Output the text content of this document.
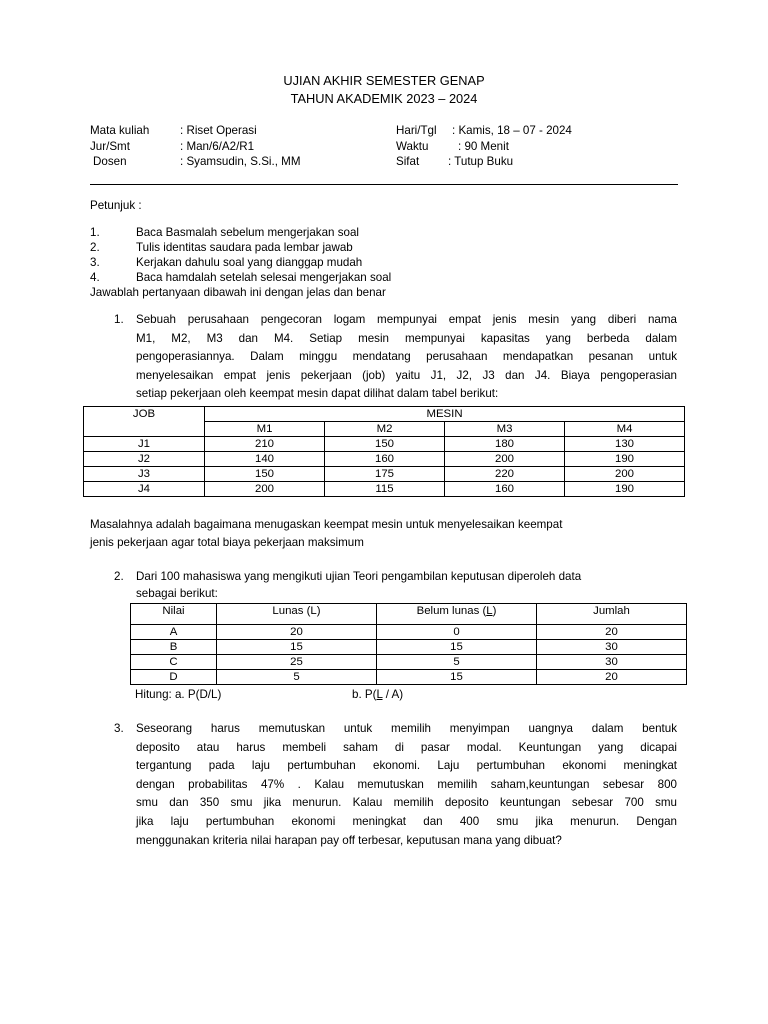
UJIAN AKHIR SEMESTER GENAP
TAHUN AKADEMIK 2023 – 2024
Mata kuliah	: Riset Operasi
Jur/Smt	: Man/6/A2/R1
Dosen	: Syamsudin, S.Si., MM
Hari/Tgl : Kamis, 18 – 07 - 2024
Waktu	: 90 Menit
Sifat : Tutup Buku
Petunjuk :
1.	Baca Basmalah sebelum mengerjakan soal
2.	Tulis identitas saudara pada lembar jawab
3.	Kerjakan dahulu soal yang dianggap mudah
4.	Baca hamdalah setelah selesai mengerjakan soal
Jawablah pertanyaan dibawah ini dengan jelas dan benar
1. Sebuah perusahaan pengecoran logam mempunyai empat jenis mesin yang diberi nama
M1, M2, M3 dan M4. Setiap mesin mempunyai kapasitas yang berbeda dalam
pengoperasiannya. Dalam minggu mendatang perusahaan mendapatkan pesanan untuk
menyelesaikan empat jenis pekerjaan (job) yaitu J1, J2, J3 dan J4. Biaya pengoperasian
setiap pekerjaan oleh keempat mesin dapat dilihat dalam tabel berikut:
JOB	MESIN			
	M1	M2	M3	M4
J1	210	150	180	130
J2	140	160	200	190
J3	150	175	220	200
J4	200	115	160	190
Masalahnya adalah bagaimana menugaskan keempat mesin untuk menyelesaikan keempat
jenis pekerjaan agar total biaya pekerjaan maksimum
2. Dari 100 mahasiswa yang mengikuti ujian Teori pengambilan keputusan diperoleh data
sebagai berikut:
Nilai	Lunas (L)	Belum lunas (L)	Jumlah
A	20	0	20
B	15	15	30
C	25	5	30
D	5	15	20
Hitung: a. P(D/L)	b. P(L / A)
3. Seseorang harus memutuskan untuk memilih menyimpan uangnya dalam bentuk
deposito atau harus membeli saham di pasar modal. Keuntungan yang dicapai
tergantung pada laju pertumbuhan ekonomi. Laju pertumbuhan ekonomi meningkat
dengan probabilitas 47% . Kalau memutuskan memilih saham,keuntungan sebesar 800
smu dan 350 smu jika menurun. Kalau memilih deposito keuntungan sebesar 700 smu
jika laju pertumbuhan ekonomi meningkat dan 400 smu jika menurun. Dengan
menggunakan kriteria nilai harapan pay off terbesar, keputusan mana yang dibuat?
